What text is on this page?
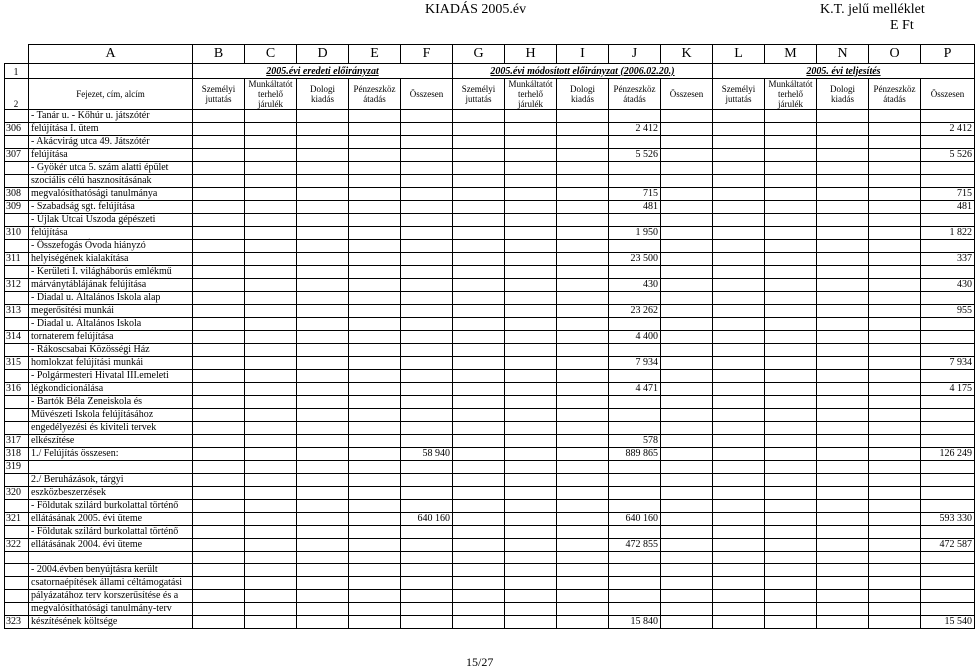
KIADÁS 2005.év	K.T. jelű melléklet
E Ft
	A	B	C	D	E	F	G	H	I	J	K	L	M	N	O	P
1		2005.évi eredeti előirányzat					2005.évi módosított előirányzat (2006.02.20.)					2005. évi teljesítés				
2	Fejezet, cím, alcím	Személyi juttatás	Munkáltatót terhelő járulék	Dologi kiadás	Pénzeszköz átadás	Összesen	Személyi juttatás	Munkáltatót terhelő járulék	Dologi kiadás	Pénzeszköz átadás	Összesen	Személyi juttatás	Munkáltatót terhelő járulék	Dologi kiadás	Pénzeszköz átadás	Összesen
	- Tanár u. - Kőhúr u. játszótér															
306	felújítása I. ütem									2 412						2 412
	- Akácvirág utca 49. Játszótér															
307	felújítása									5 526						5 526
	- Gyökér utca 5. szám alatti épület															
	szociális célú hasznosításának															
308	megvalósíthatósági tanulmánya									715						715
309	- Szabadság sgt. felújítása									481						481
	- Újlak Utcai Uszoda gépészeti															
310	felújítása									1 950						1 822
	- Összefogás Óvoda hiányzó															
311	helyiségének kialakítása									23 500						337
	- Kerületi I. világháborús emlékmű															
312	márványtáblájának felújítása									430						430
	- Diadal u. Általános Iskola alap															
313	megerősítési munkái									23 262						955
	- Diadal u. Általános Iskola															
314	tornaterem felújítása									4 400						
	- Rákoscsabai Közösségi Ház															
315	homlokzat felújítási munkái									7 934						7 934
	- Polgármesteri Hivatal III.emeleti															
316	légkondicionálása									4 471						4 175
	- Bartók Béla Zeneiskola és															
	Művészeti Iskola felújításához															
	engedélyezési és kiviteli tervek															
317	elkészítése									578						
318	1./ Felújítás összesen:					58 940				889 865						126 249
319																
	2./ Beruházások, tárgyi															
320	eszközbeszerzések															
	- Földutak szilárd burkolattal történő															
321	ellátásának 2005. évi üteme					640 160				640 160						593 330
	- Földutak szilárd burkolattal történő															
322	ellátásának 2004. évi üteme									472 855						472 587

	- 2004.évben benyújtásra került															
	csatornaépítések állami céltámogatási															
	pályázatához terv korszerűsítése és a															
	megvalósíthatósági tanulmány-terv															
323	készítésének költsége									15 840						15 540
15/27
